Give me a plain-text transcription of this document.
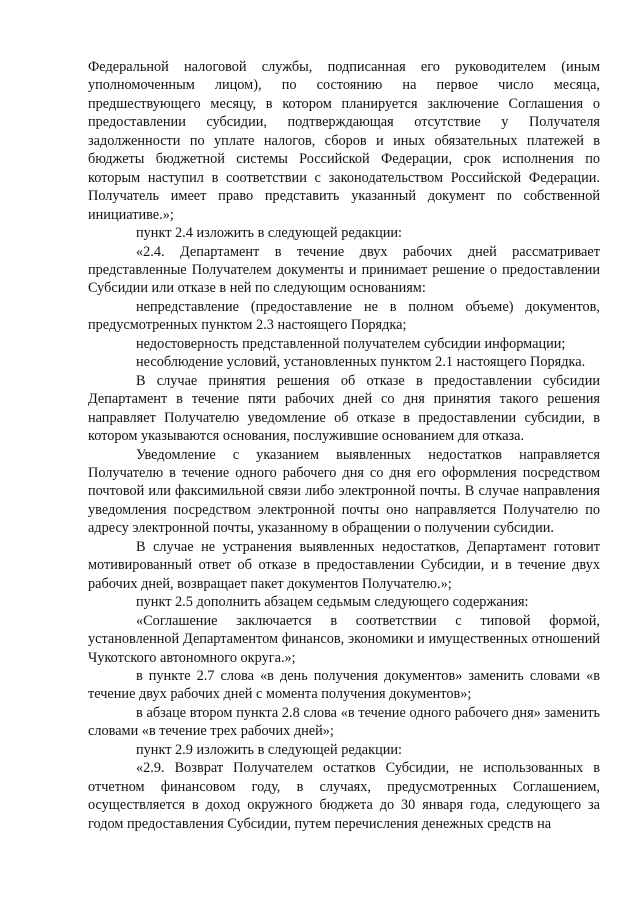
Федеральной налоговой службы, подписанная его руководителем (иным уполномоченным лицом), по состоянию на первое число месяца, предшествующего месяцу, в котором планируется заключение Соглашения о предоставлении субсидии, подтверждающая отсутствие у Получателя задолженности по уплате налогов, сборов и иных обязательных платежей в бюджеты бюджетной системы Российской Федерации, срок исполнения по которым наступил в соответствии с законодательством Российской Федерации. Получатель имеет право представить указанный документ по собственной инициативе.»;

пункт 2.4 изложить в следующей редакции:

«2.4. Департамент в течение двух рабочих дней рассматривает представленные Получателем документы и принимает решение о предоставлении Субсидии или отказе в ней по следующим основаниям:

непредставление (предоставление не в полном объеме) документов, предусмотренных пунктом 2.3 настоящего Порядка;

недостоверность представленной получателем субсидии информации;

несоблюдение условий, установленных пунктом 2.1 настоящего Порядка.

В случае принятия решения об отказе в предоставлении субсидии Департамент в течение пяти рабочих дней со дня принятия такого решения направляет Получателю уведомление об отказе в предоставлении субсидии, в котором указываются основания, послужившие основанием для отказа.

Уведомление с указанием выявленных недостатков направляется Получателю в течение одного рабочего дня со дня его оформления посредством почтовой или факсимильной связи либо электронной почты. В случае направления уведомления посредством электронной почты оно направляется Получателю по адресу электронной почты, указанному в обращении о получении субсидии.

В случае не устранения выявленных недостатков, Департамент готовит мотивированный ответ об отказе в предоставлении Субсидии, и в течение двух рабочих дней, возвращает пакет документов Получателю.»;

пункт 2.5 дополнить абзацем седьмым следующего содержания:

«Соглашение заключается в соответствии с типовой формой, установленной Департаментом финансов, экономики и имущественных отношений Чукотского автономного округа.»;

в пункте 2.7 слова «в день получения документов» заменить словами «в течение двух рабочих дней с момента получения документов»;

в абзаце втором пункта 2.8 слова «в течение одного рабочего дня» заменить словами «в течение трех рабочих дней»;

пункт 2.9 изложить в следующей редакции:

«2.9. Возврат Получателем остатков Субсидии, не использованных в отчетном финансовом году, в случаях, предусмотренных Соглашением, осуществляется в доход окружного бюджета до 30 января года, следующего за годом предоставления Субсидии, путем перечисления денежных средств на
